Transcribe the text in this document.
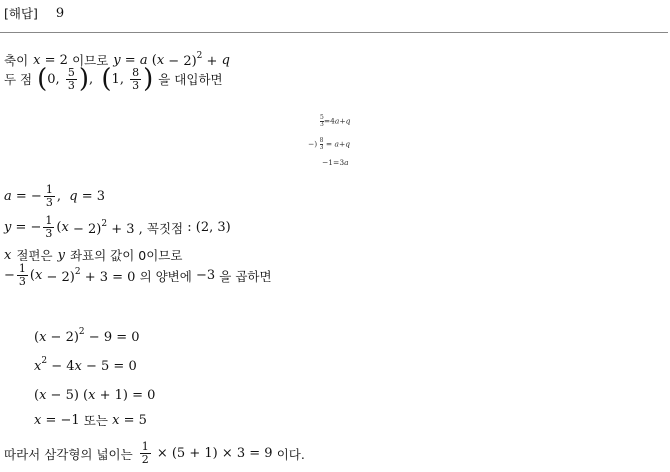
[해답] 9
축이 x = 2 이므로 y = a ( x − 2)$^2$ + q
두 점 ( 0, $\frac{5}{3}$ ) , ( 1, $\frac{8}{3}$ ) 을 대입하면
$\frac{5}{3} =4a+q$
−) $\frac{8}{3} = a+q$
−1=3a
a = − $\frac{1}{3}$ , q = 3
y = − $\frac{1}{3}$ ( x − 2)$^2$ + 3 , 꼭짓점 : (2, 3)
x 절편은 y 좌표의 값이 0이므로
− $\frac{1}{3}$ ( x − 2)$^2$ + 3 = 0 의 양변에 −3 을 곱하면
$(x - 2)^2 - 9 = 0$
$x^2 - 4x - 5 = 0$
(x − 5) (x + 1) = 0
x = −1 또는
x = 5
따라서 삼각형의 넓이는 $\frac{1}{2} \times (5 + 1) \times 3 = 9$ 이다.
